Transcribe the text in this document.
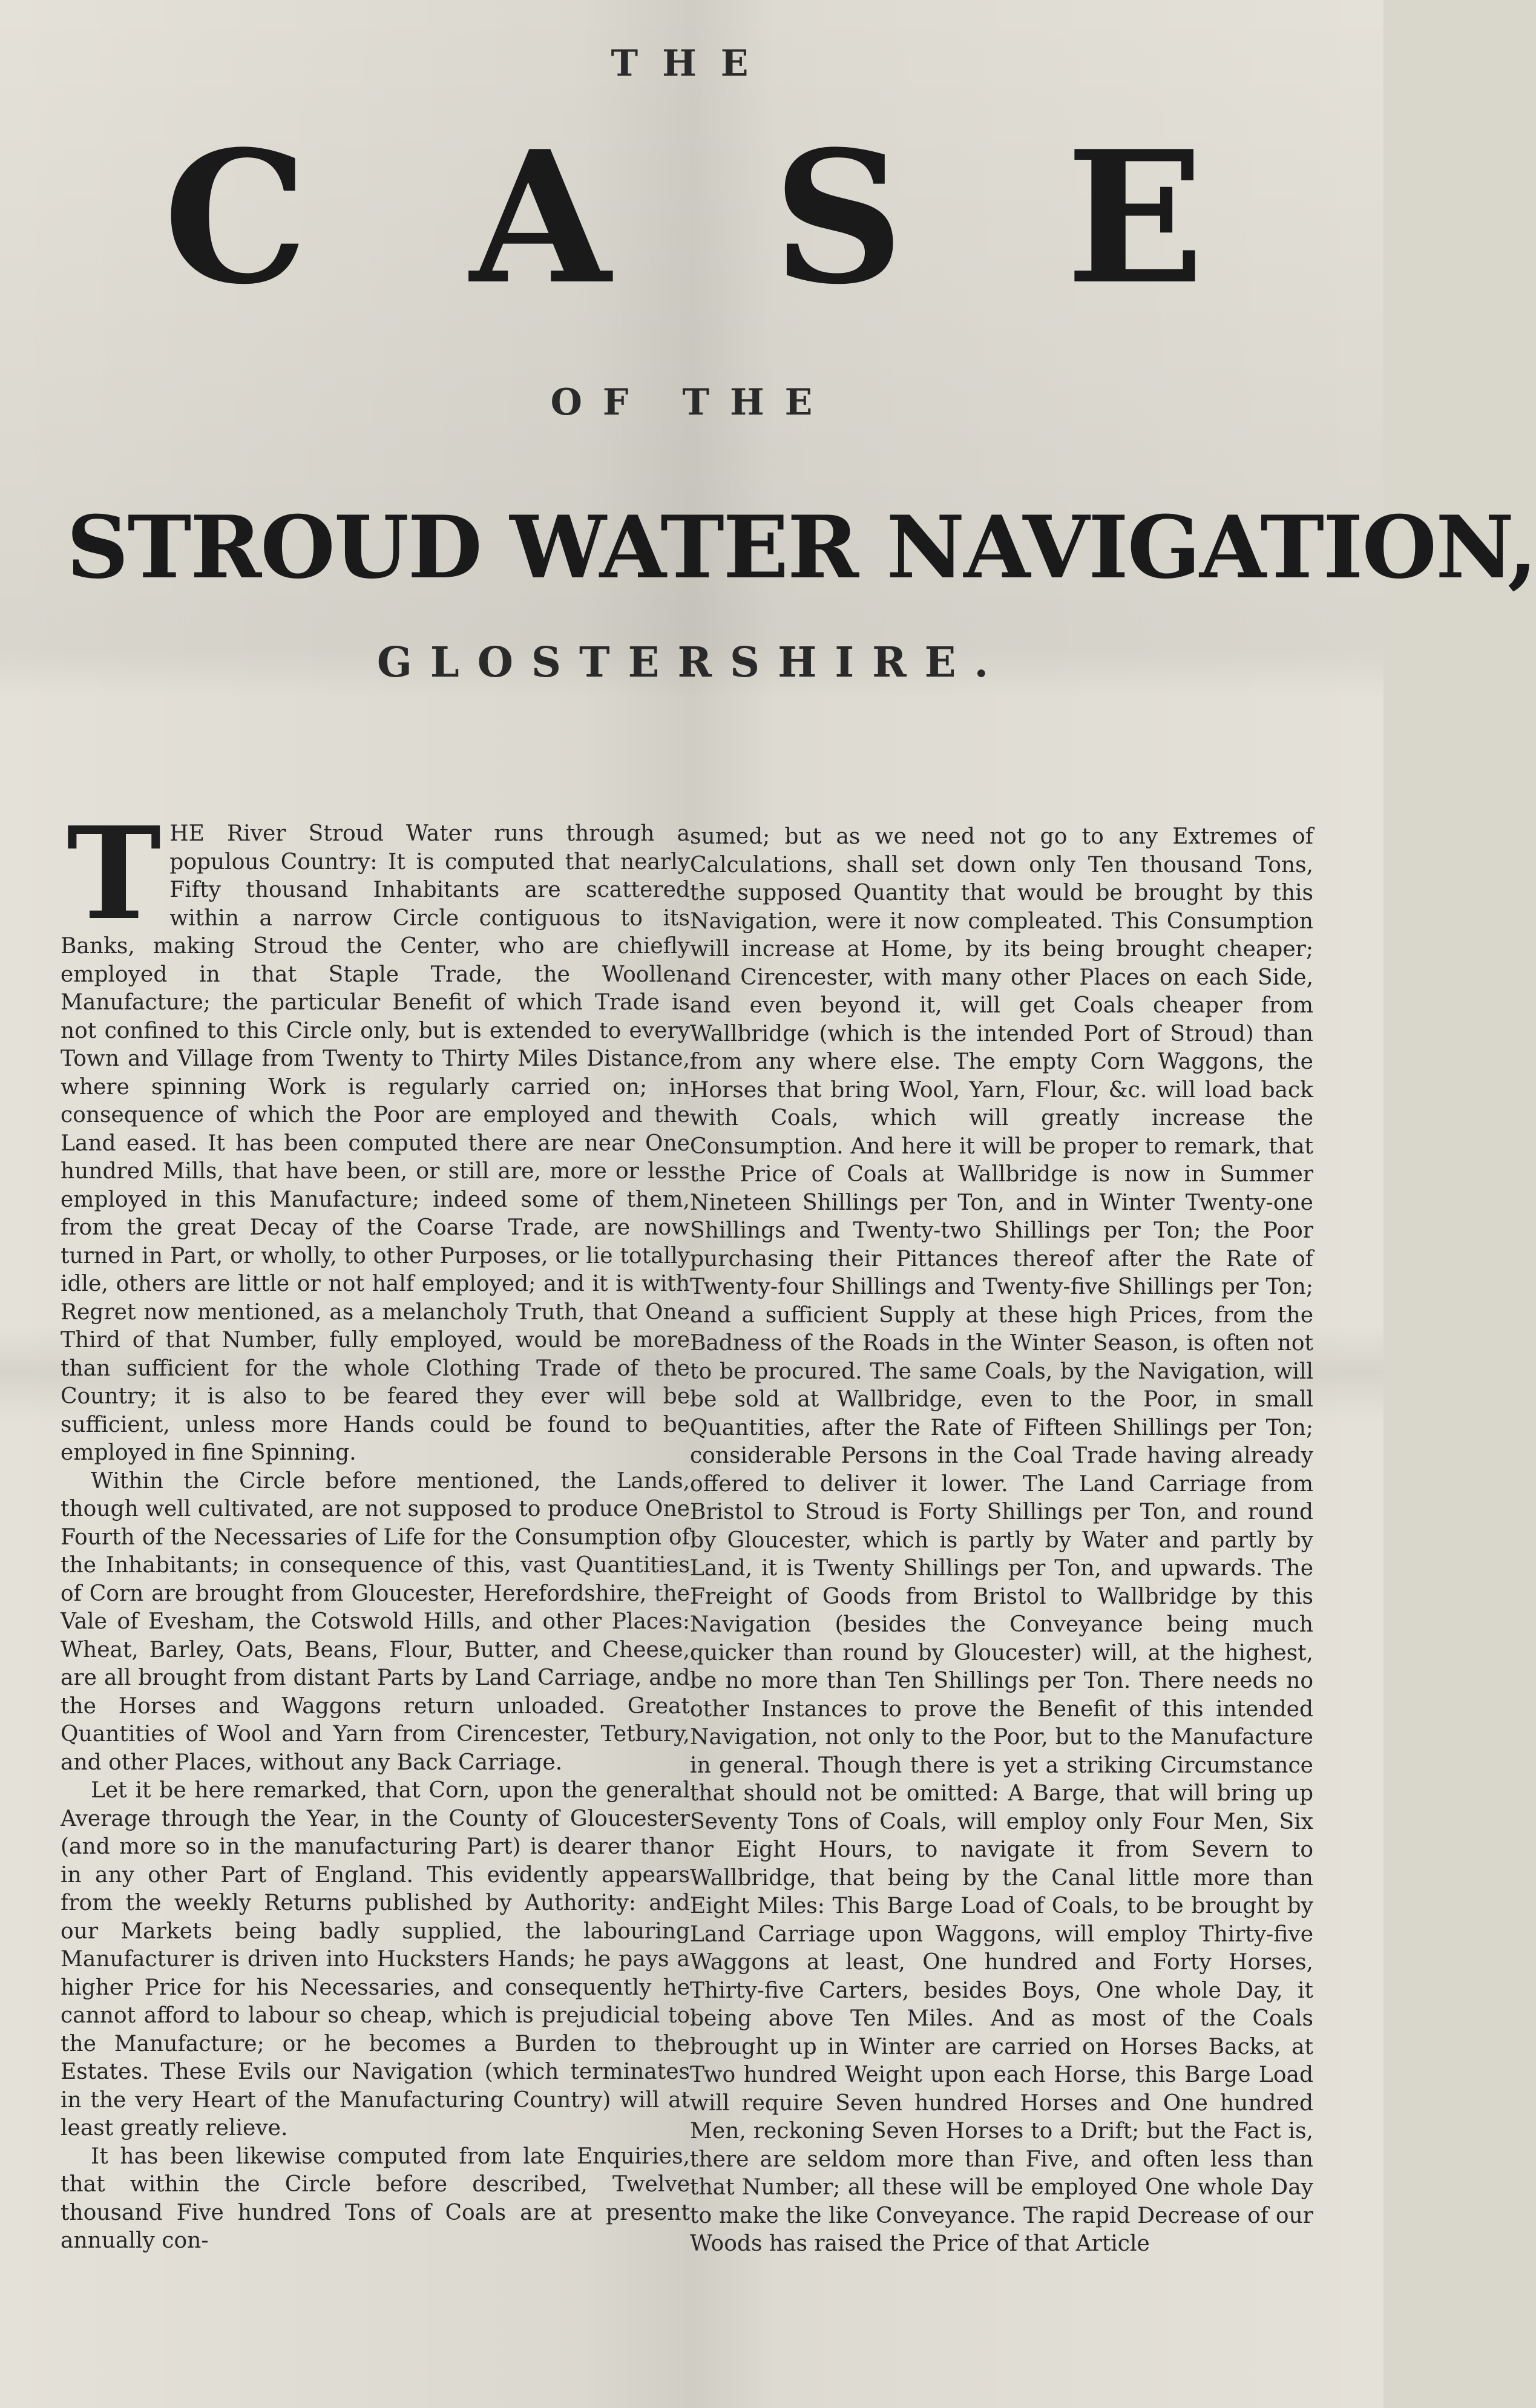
THE
C A S E
OF THE
STROUD WATER NAVIGATION,
GLOSTERSHIRE.

THE River Stroud Water runs through a populous Country: It is computed that nearly Fifty thousand Inhabitants are scattered within a narrow Circle contiguous to its Banks, making Stroud the Center, who are chiefly employed in that Staple Trade, the Woollen Manufacture; the particular Benefit of which Trade is not confined to this Circle only, but is extended to every Town and Village from Twenty to Thirty Miles Distance, where spinning Work is regularly carried on; in consequence of which the Poor are employed and the Land eased. It has been computed there are near One hundred Mills, that have been, or still are, more or less employed in this Manufacture; indeed some of them, from the great Decay of the Coarse Trade, are now turned in Part, or wholly, to other Purposes, or lie totally idle, others are little or not half employed; and it is with Regret now mentioned, as a melancholy Truth, that One Third of that Number, fully employed, would be more than sufficient for the whole Clothing Trade of the Country; it is also to be feared they ever will be sufficient, unless more Hands could be found to be employed in fine Spinning.

Within the Circle before mentioned, the Lands, though well cultivated, are not supposed to produce One Fourth of the Necessaries of Life for the Consumption of the Inhabitants; in consequence of this, vast Quantities of Corn are brought from Gloucester, Herefordshire, the Vale of Evesham, the Cotswold Hills, and other Places: Wheat, Barley, Oats, Beans, Flour, Butter, and Cheese, are all brought from distant Parts by Land Carriage, and the Horses and Waggons return unloaded. Great Quantities of Wool and Yarn from Cirencester, Tetbury, and other Places, without any Back Carriage.

Let it be here remarked, that Corn, upon the general Average through the Year, in the County of Gloucester (and more so in the manufacturing Part) is dearer than in any other Part of England. This evidently appears from the weekly Returns published by Authority: and our Markets being badly supplied, the labouring Manufacturer is driven into Hucksters Hands; he pays a higher Price for his Necessaries, and consequently he cannot afford to labour so cheap, which is prejudicial to the Manufacture; or he becomes a Burden to the Estates. These Evils our Navigation (which terminates in the very Heart of the Manufacturing Country) will at least greatly relieve.

It has been likewise computed from late Enquiries, that within the Circle before described, Twelve thousand Five hundred Tons of Coals are at present annually con-

sumed; but as we need not go to any Extremes of Calculations, shall set down only Ten thousand Tons, the supposed Quantity that would be brought by this Navigation, were it now compleated. This Consumption will increase at Home, by its being brought cheaper; and Cirencester, with many other Places on each Side, and even beyond it, will get Coals cheaper from Wallbridge (which is the intended Port of Stroud) than from any where else. The empty Corn Waggons, the Horses that bring Wool, Yarn, Flour, &c. will load back with Coals, which will greatly increase the Consumption. And here it will be proper to remark, that the Price of Coals at Wallbridge is now in Summer Nineteen Shillings per Ton, and in Winter Twenty-one Shillings and Twenty-two Shillings per Ton; the Poor purchasing their Pittances thereof after the Rate of Twenty-four Shillings and Twenty-five Shillings per Ton; and a sufficient Supply at these high Prices, from the Badness of the Roads in the Winter Season, is often not to be procured. The same Coals, by the Navigation, will be sold at Wallbridge, even to the Poor, in small Quantities, after the Rate of Fifteen Shillings per Ton; considerable Persons in the Coal Trade having already offered to deliver it lower. The Land Carriage from Bristol to Stroud is Forty Shillings per Ton, and round by Gloucester, which is partly by Water and partly by Land, it is Twenty Shillings per Ton, and upwards. The Freight of Goods from Bristol to Wallbridge by this Navigation (besides the Conveyance being much quicker than round by Gloucester) will, at the highest, be no more than Ten Shillings per Ton. There needs no other Instances to prove the Benefit of this intended Navigation, not only to the Poor, but to the Manufacture in general. Though there is yet a striking Circumstance that should not be omitted: A Barge, that will bring up Seventy Tons of Coals, will employ only Four Men, Six or Eight Hours, to navigate it from Severn to Wallbridge, that being by the Canal little more than Eight Miles: This Barge Load of Coals, to be brought by Land Carriage upon Waggons, will employ Thirty-five Waggons at least, One hundred and Forty Horses, Thirty-five Carters, besides Boys, One whole Day, it being above Ten Miles. And as most of the Coals brought up in Winter are carried on Horses Backs, at Two hundred Weight upon each Horse, this Barge Load will require Seven hundred Horses and One hundred Men, reckoning Seven Horses to a Drift; but the Fact is, there are seldom more than Five, and often less than that Number; all these will be employed One whole Day to make the like Conveyance. The rapid Decrease of our Woods has raised the Price of that Article
